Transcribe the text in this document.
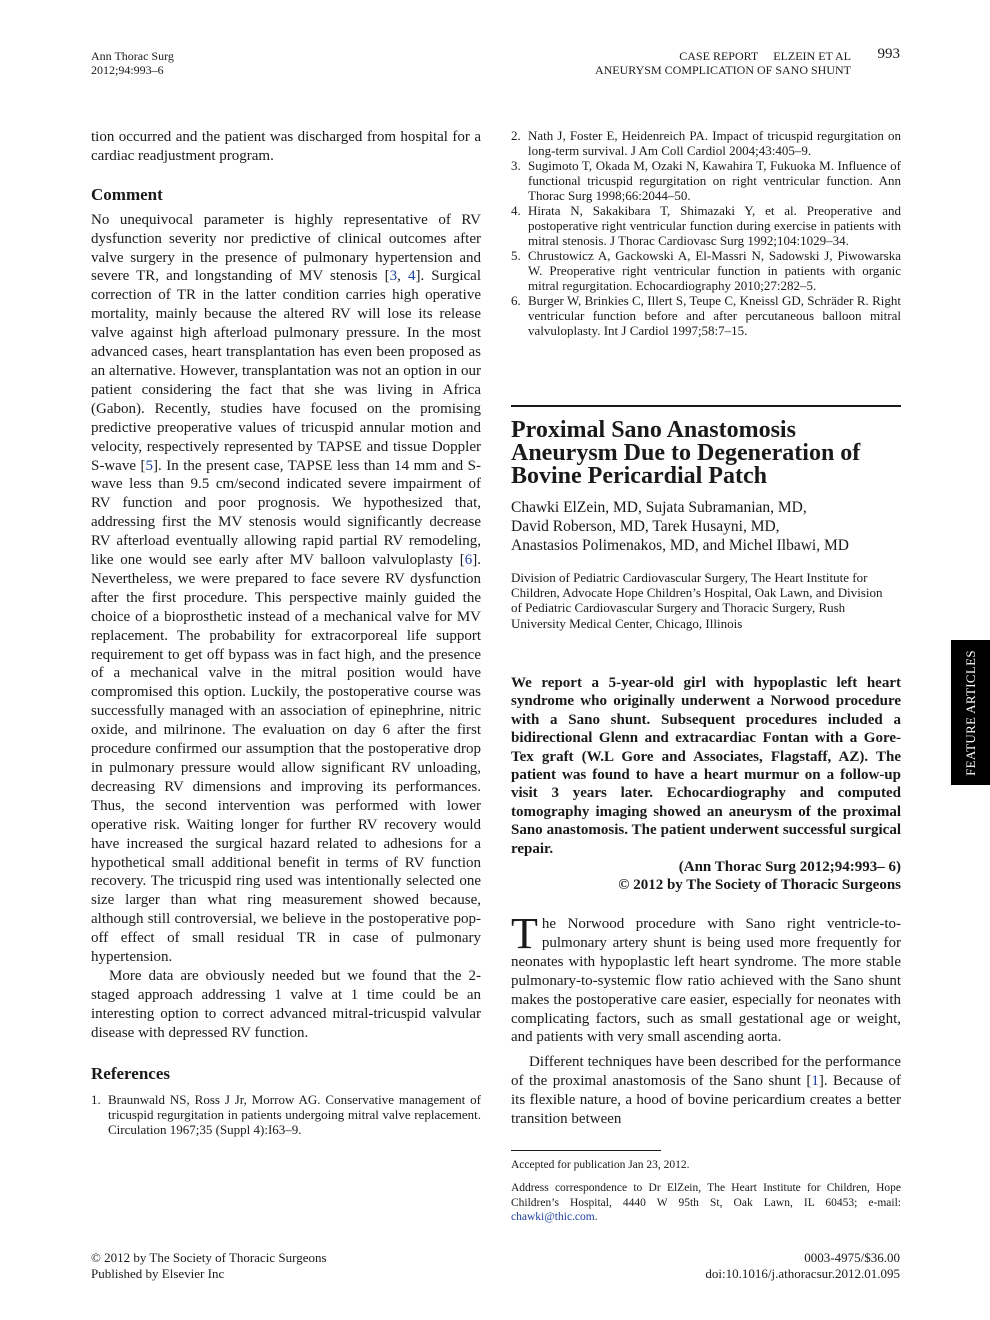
Ann Thorac Surg
2012;94:993–6
CASE REPORT ELZEIN ET AL
ANEURYSM COMPLICATION OF SANO SHUNT
993

tion occurred and the patient was discharged from hospital for a cardiac readjustment program.

Comment

No unequivocal parameter is highly representative of RV dysfunction severity nor predictive of clinical outcomes after valve surgery in the presence of pulmonary hypertension and severe TR, and longstanding of MV stenosis [3, 4]. Surgical correction of TR in the latter condition carries high operative mortality, mainly because the altered RV will lose its release valve against high afterload pulmonary pressure. In the most advanced cases, heart transplantation has even been proposed as an alternative. However, transplantation was not an option in our patient considering the fact that she was living in Africa (Gabon). Recently, studies have focused on the promising predictive preoperative values of tricuspid annular motion and velocity, respectively represented by TAPSE and tissue Doppler S-wave [5]. In the present case, TAPSE less than 14 mm and S-wave less than 9.5 cm/second indicated severe impairment of RV function and poor prognosis. We hypothesized that, addressing first the MV stenosis would significantly decrease RV afterload eventually allowing rapid partial RV remodeling, like one would see early after MV balloon valvuloplasty [6]. Nevertheless, we were prepared to face severe RV dysfunction after the first procedure. This perspective mainly guided the choice of a bioprosthetic instead of a mechanical valve for MV replacement. The probability for extracorporeal life support requirement to get off bypass was in fact high, and the presence of a mechanical valve in the mitral position would have compromised this option. Luckily, the postoperative course was successfully managed with an association of epinephrine, nitric oxide, and milrinone. The evaluation on day 6 after the first procedure confirmed our assumption that the postoperative drop in pulmonary pressure would allow significant RV unloading, decreasing RV dimensions and improving its performances. Thus, the second intervention was performed with lower operative risk. Waiting longer for further RV recovery would have increased the surgical hazard related to adhesions for a hypothetical small additional benefit in terms of RV function recovery. The tricuspid ring used was intentionally selected one size larger than what ring measurement showed because, although still controversial, we believe in the postoperative pop-off effect of small residual TR in case of pulmonary hypertension.

More data are obviously needed but we found that the 2-staged approach addressing 1 valve at 1 time could be an interesting option to correct advanced mitral-tricuspid valvular disease with depressed RV function.

References
1. Braunwald NS, Ross J Jr, Morrow AG. Conservative management of tricuspid regurgitation in patients undergoing mitral valve replacement. Circulation 1967;35 (Suppl 4):I63–9.
2. Nath J, Foster E, Heidenreich PA. Impact of tricuspid regurgitation on long-term survival. J Am Coll Cardiol 2004;43:405–9.
3. Sugimoto T, Okada M, Ozaki N, Kawahira T, Fukuoka M. Influence of functional tricuspid regurgitation on right ventricular function. Ann Thorac Surg 1998;66:2044–50.
4. Hirata N, Sakakibara T, Shimazaki Y, et al. Preoperative and postoperative right ventricular function during exercise in patients with mitral stenosis. J Thorac Cardiovasc Surg 1992;104:1029–34.
5. Chrustowicz A, Gackowski A, El-Massri N, Sadowski J, Piwowarska W. Preoperative right ventricular function in patients with organic mitral regurgitation. Echocardiography 2010;27:282–5.
6. Burger W, Brinkies C, Illert S, Teupe C, Kneissl GD, Schräder R. Right ventricular function before and after percutaneous balloon mitral valvuloplasty. Int J Cardiol 1997;58:7–15.
Proximal Sano Anastomosis Aneurysm Due to Degeneration of Bovine Pericardial Patch
Chawki ElZein, MD, Sujata Subramanian, MD,
David Roberson, MD, Tarek Husayni, MD,
Anastasios Polimenakos, MD, and Michel Ilbawi, MD
Division of Pediatric Cardiovascular Surgery, The Heart Institute for Children, Advocate Hope Children’s Hospital, Oak Lawn, and Division of Pediatric Cardiovascular Surgery and Thoracic Surgery, Rush University Medical Center, Chicago, Illinois
We report a 5-year-old girl with hypoplastic left heart syndrome who originally underwent a Norwood procedure with a Sano shunt. Subsequent procedures included a bidirectional Glenn and extracardiac Fontan with a Gore-Tex graft (W.L Gore and Associates, Flagstaff, AZ). The patient was found to have a heart murmur on a follow-up visit 3 years later. Echocardiography and computed tomography imaging showed an aneurysm of the proximal Sano anastomosis. The patient underwent successful surgical repair.
(Ann Thorac Surg 2012;94:993– 6)
© 2012 by The Society of Thoracic Surgeons

The Norwood procedure with Sano right ventricle-to-pulmonary artery shunt is being used more frequently for neonates with hypoplastic left heart syndrome. The more stable pulmonary-to-systemic flow ratio achieved with the Sano shunt makes the postoperative care easier, especially for neonates with complicating factors, such as small gestational age or weight, and patients with very small ascending aorta.

Different techniques have been described for the performance of the proximal anastomosis of the Sano shunt [1]. Because of its flexible nature, a hood of bovine pericardium creates a better transition between

Accepted for publication Jan 23, 2012.
Address correspondence to Dr ElZein, The Heart Institute for Children, Hope Children’s Hospital, 4440 W 95th St, Oak Lawn, IL 60453; e-mail: chawki@thic.com.
FEATURE ARTICLES
© 2012 by The Society of Thoracic Surgeons
Published by Elsevier Inc
0003-4975/$36.00
doi:10.1016/j.athoracsur.2012.01.095
